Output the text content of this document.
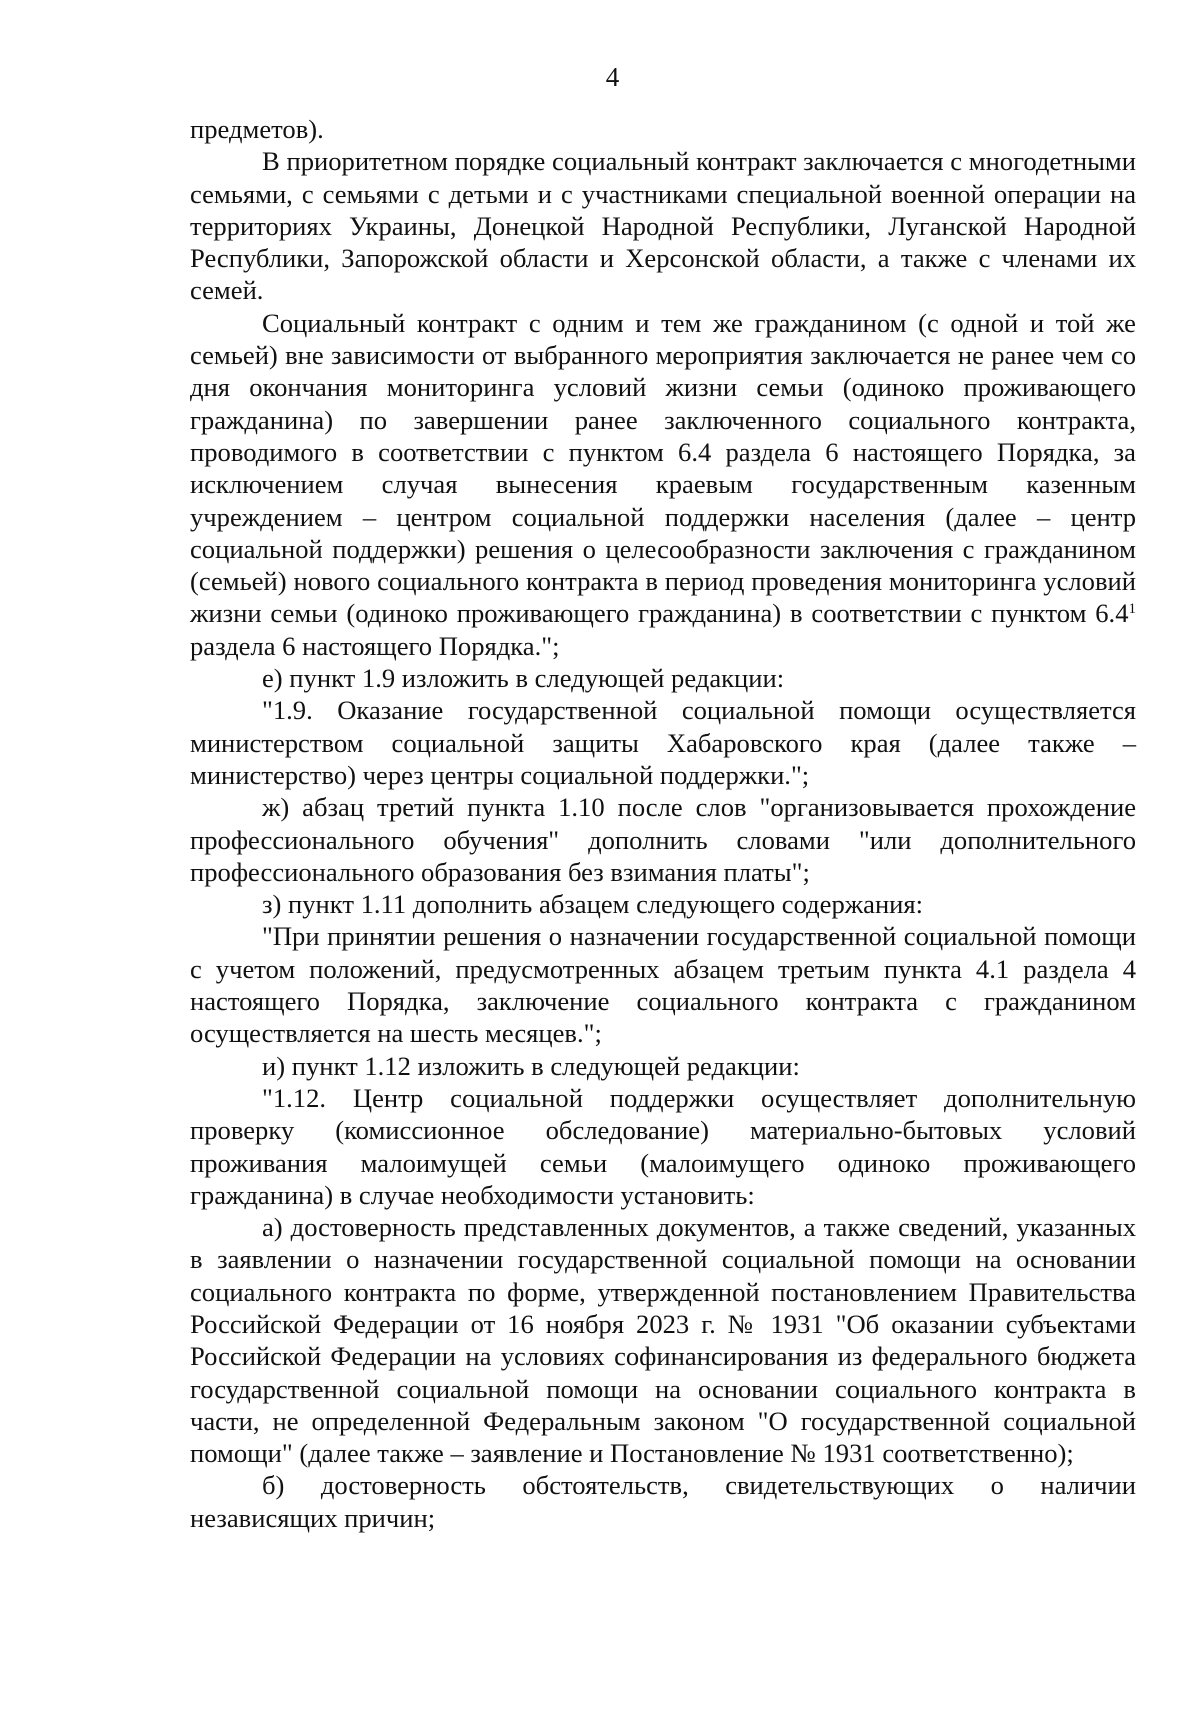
4

предметов).

В приоритетном порядке социальный контракт заключается с многодетными семьями, с семьями с детьми и с участниками специальной военной операции на территориях Украины, Донецкой Народной Республики, Луганской Народной Республики, Запорожской области и Херсонской области, а также с членами их семей.

Социальный контракт с одним и тем же гражданином (с одной и той же семьей) вне зависимости от выбранного мероприятия заключается не ранее чем со дня окончания мониторинга условий жизни семьи (одиноко проживающего гражданина) по завершении ранее заключенного социального контракта, проводимого в соответствии с пунктом 6.4 раздела 6 настоящего Порядка, за исключением случая вынесения краевым государственным казенным учреждением – центром социальной поддержки населения (далее – центр социальной поддержки) решения о целесообразности заключения с гражданином (семьей) нового социального контракта в период проведения мониторинга условий жизни семьи (одиноко проживающего гражданина) в соответствии с пунктом $6.4^1$ раздела 6 настоящего Порядка.";

е) пункт 1.9 изложить в следующей редакции:

"1.9. Оказание государственной социальной помощи осуществляется министерством социальной защиты Хабаровского края (далее также – министерство) через центры социальной поддержки.";

ж) абзац третий пункта 1.10 после слов "организовывается прохождение профессионального обучения" дополнить словами "или дополнительного профессионального образования без взимания платы";

з) пункт 1.11 дополнить абзацем следующего содержания:

"При принятии решения о назначении государственной социальной помощи с учетом положений, предусмотренных абзацем третьим пункта 4.1 раздела 4 настоящего Порядка, заключение социального контракта с гражданином осуществляется на шесть месяцев.";

и) пункт 1.12 изложить в следующей редакции:

"1.12. Центр социальной поддержки осуществляет дополнительную проверку (комиссионное обследование) материально-бытовых условий проживания малоимущей семьи (малоимущего одиноко проживающего гражданина) в случае необходимости установить:

а) достоверность представленных документов, а также сведений, указанных в заявлении о назначении государственной социальной помощи на основании социального контракта по форме, утвержденной постановлением Правительства Российской Федерации от 16 ноября 2023 г. № 1931 "Об оказании субъектами Российской Федерации на условиях софинансирования из федерального бюджета государственной социальной помощи на основании социального контракта в части, не определенной Федеральным законом "О государственной социальной помощи" (далее также – заявление и Постановление № 1931 соответственно);

б) достоверность обстоятельств, свидетельствующих о наличии независящих причин;
